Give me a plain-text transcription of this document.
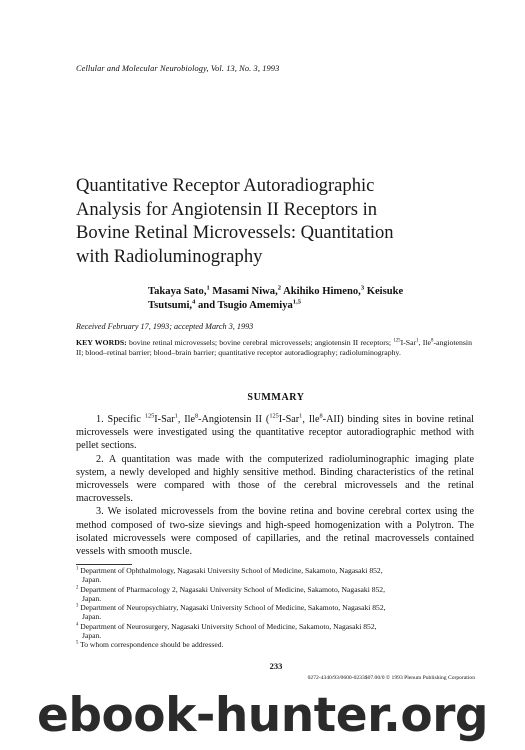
Cellular and Molecular Neurobiology, Vol. 13, No. 3, 1993
Quantitative Receptor Autoradiographic
Analysis for Angiotensin II Receptors in
Bovine Retinal Microvessels: Quantitation
with Radioluminography
Takaya Sato,$^1$ Masami Niwa,$^2$ Akihiko Himeno,$^3$ Keisuke
Tsutsumi,$^4$ and Tsugio Amemiya$^{1,5}$
Received February 17, 1993; accepted March 3, 1993
KEY WORDS: bovine retinal microvessels; bovine cerebral microvessels; angiotensin II receptors; $^{125}$I-Sar$^1$, Ile$^8$-angiotensin II; blood–retinal barrier; blood–brain barrier; quantitative receptor autoradiography; radioluminography.
SUMMARY

1. Specific $^{125}$I-Sar$^1$, Ile$^8$-Angiotensin II ($^{125}$I-Sar$^1$, Ile$^8$-AII) binding sites in bovine retinal microvessels were investigated using the quantitative receptor autoradiographic method with pellet sections.

2. A quantitation was made with the computerized radioluminographic imaging plate system, a newly developed and highly sensitive method. Binding characteristics of the retinal microvessels were compared with those of the cerebral microvessels and the retinal macrovessels.

3. We isolated microvessels from the bovine retina and bovine cerebral cortex using the method composed of two-size sievings and high-speed homogenization with a Polytron. The isolated microvessels were composed of capillaries, and the retinal macrovessels contained vessels with smooth muscle.

$^1$ Department of Ophthalmology, Nagasaki University School of Medicine, Sakamoto, Nagasaki 852,
Japan.
$^2$ Department of Pharmacology 2, Nagasaki University School of Medicine, Sakamoto, Nagasaki 852,
Japan.
$^3$ Department of Neuropsychiatry, Nagasaki University School of Medicine, Sakamoto, Nagasaki 852,
Japan.
$^4$ Department of Neurosurgery, Nagasaki University School of Medicine, Sakamoto, Nagasaki 852,
Japan.
$^5$ To whom correspondence should be addressed.
233
0272-4340/93/0600-0233$07.00/0 © 1993 Plenum Publishing Corporation
ebook-hunter.org
